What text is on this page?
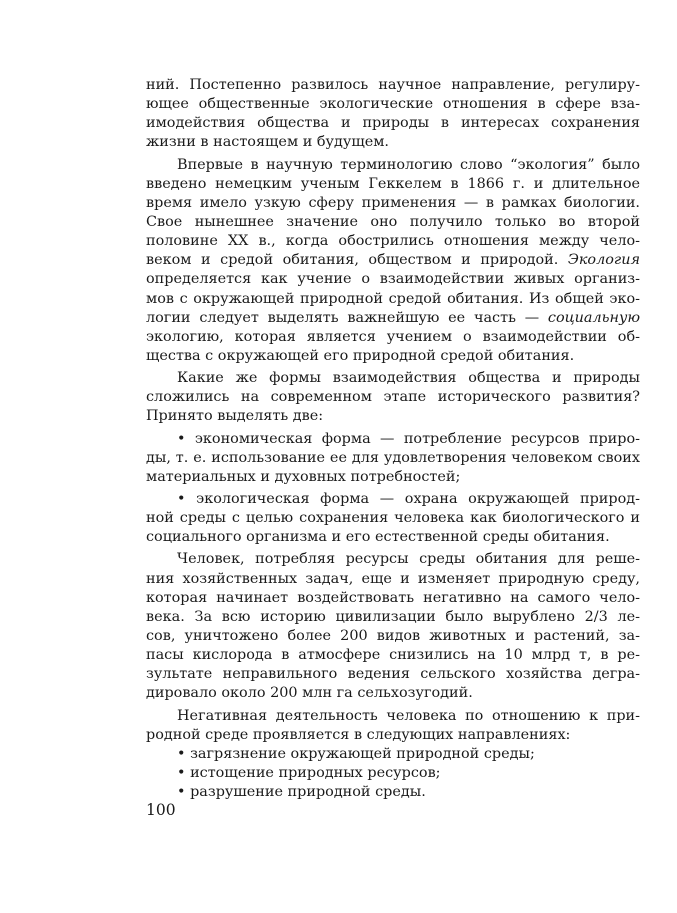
ний. Постепенно развилось научное направление, регулиру-
ющее общественные экологические отношения в сфере вза-
имодействия общества и природы в интересах сохранения
жизни в настоящем и будущем.
Впервые в научную терминологию слово “экология” было
введено немецким ученым Геккелем в 1866 г. и длительное
время имело узкую сферу применения — в рамках биологии.
Свое нынешнее значение оно получило только во второй
половине XX в., когда обострились отношения между чело-
веком и средой обитания, обществом и природой. Экология
определяется как учение о взаимодействии живых организ-
мов с окружающей природной средой обитания. Из общей эко-
логии следует выделять важнейшую ее часть — социальную
экологию, которая является учением о взаимодействии об-
щества с окружающей его природной средой обитания.
Какие же формы взаимодействия общества и природы
сложились на современном этапе исторического развития?
Принято выделять две:
• экономическая форма — потребление ресурсов приро-
ды, т. е. использование ее для удовлетворения человеком своих
материальных и духовных потребностей;
• экологическая форма — охрана окружающей природ-
ной среды с целью сохранения человека как биологического и
социального организма и его естественной среды обитания.
Человек, потребляя ресурсы среды обитания для реше-
ния хозяйственных задач, еще и изменяет природную среду,
которая начинает воздействовать негативно на самого чело-
века. За всю историю цивилизации было вырублено 2/3 ле-
сов, уничтожено более 200 видов животных и растений, за-
пасы кислорода в атмосфере снизились на 10 млрд т, в ре-
зультате неправильного ведения сельского хозяйства дегра-
дировало около 200 млн га сельхозугодий.
Негативная деятельность человека по отношению к при-
родной среде проявляется в следующих направлениях:
• загрязнение окружающей природной среды;
• истощение природных ресурсов;
• разрушение природной среды.
100
